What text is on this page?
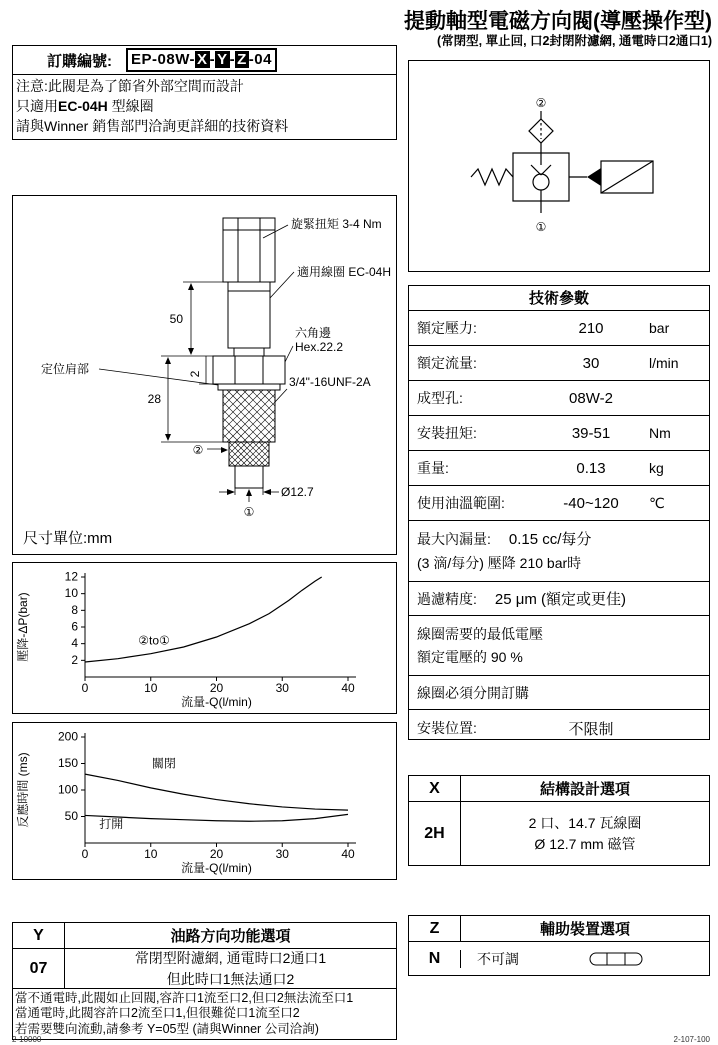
提動軸型電磁方向閥(導壓操作型)
(常閉型, 單止回, 口2封閉附濾網, 通電時口2通口1)
訂購編號:	EP-08W- X - Y - Z -04
注意:此閥是為了節省外部空間而設計
只適用EC-04H 型線圈
請與Winner 銷售部門洽詢更詳細的技術資料
旋緊扭矩 3-4 Nm
適用線圈 EC-04H
六角邊
Hex.22.2
3/4"-16UNF-2A
定位肩部
50
28
2
Ø12.7
②
①
尺寸單位:mm
2
4
6
8
10
12
0	10	20	30	40
流量-Q(l/min)
壓降-ΔP(bar)	②to①
50
100
150
200
0	10	20	30	40
流量-Q(l/min)
反應時間 (ms)	關閉
打開
②
①
技術參數
額定壓力:	210	bar
額定流量:	30	l/min
成型孔:	08W-2
安裝扭矩:	39-51	Nm
重量:	0.13	kg
使用油溫範圍:	-40~120	℃
最大內漏量: 0.15 cc/每分
(3 滴/每分) 壓降 210 bar時
過濾精度: 25 μm (額定或更佳)
線圈需要的最低電壓
額定電壓的 90 %
線圈必須分開訂購
安裝位置:	不限制
X	結構設計選項
2H
2 口、14.7 瓦線圈
Ø 12.7 mm 磁管
Y	油路方向功能選項
07
常閉型附濾網, 通電時口2通口1
但此時口1無法通口2
當不通電時,此閥如止回閥,容許口1流至口2,但口2無法流至口1
當通電時,此閥容許口2流至口1,但很難從口1流至口2
若需要雙向流動,請參考 Y=05型 (請與Winner 公司洽詢)
Z	輔助裝置選項
N	不可調
2-10000	2-107-100
